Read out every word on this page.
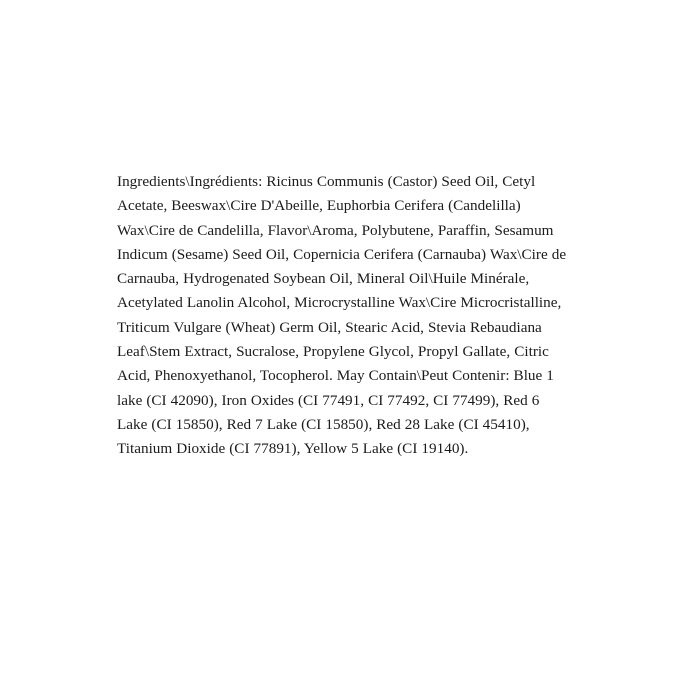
Ingredients\Ingrédients: Ricinus Communis (Castor) Seed Oil, Cetyl Acetate, Beeswax\Cire D'Abeille, Euphorbia Cerifera (Candelilla) Wax\Cire de Candelilla, Flavor\Aroma, Polybutene, Paraffin, Sesamum Indicum (Sesame) Seed Oil, Copernicia Cerifera (Carnauba) Wax\Cire de Carnauba, Hydrogenated Soybean Oil, Mineral Oil\Huile Minérale, Acetylated Lanolin Alcohol, Microcrystalline Wax\Cire Microcristalline, Triticum Vulgare (Wheat) Germ Oil, Stearic Acid, Stevia Rebaudiana Leaf\Stem Extract, Sucralose, Propylene Glycol, Propyl Gallate, Citric Acid, Phenoxyethanol, Tocopherol. May Contain\Peut Contenir: Blue 1 lake (CI 42090), Iron Oxides (CI 77491, CI 77492, CI 77499), Red 6 Lake (CI 15850), Red 7 Lake (CI 15850), Red 28 Lake (CI 45410), Titanium Dioxide (CI 77891), Yellow 5 Lake (CI 19140).
